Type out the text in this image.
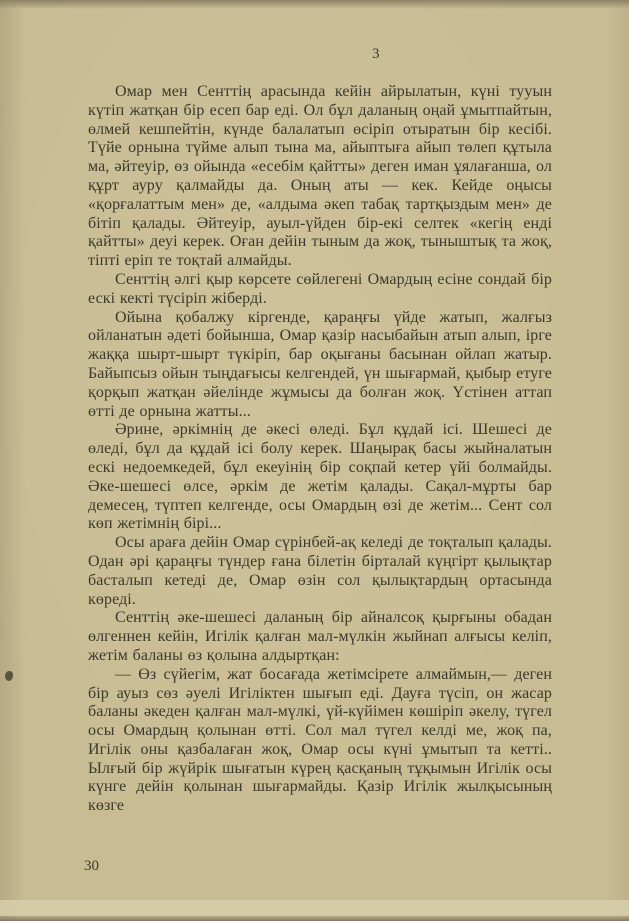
3

Омар мен Сенттің арасында кейін айрылатын, күні тууын күтіп жатқан бір есеп бар еді. Ол бұл даланың оңай ұмытпайтын, өлмей кешпейтін, күнде балалатып өсіріп отыратын бір кесібі. Түйе орнына түйме алып тына ма, айыптыға айып төлеп құтыла ма, әйтеуір, өз ойында «есебім қайтты» деген иман ұялағанша, ол құрт ауру қалмайды да. Оның аты — кек. Кейде оңысы «қорғалаттым мен» де, «алдыма әкеп табақ тартқыздым мен» де бітіп қалады. Әйтеуір, ауыл-үйден бір-екі селтек «кегің енді қайтты» деуі керек. Оған дейін тыным да жоқ, тыныштық та жоқ, тіпті еріп те тоқтай алмайды.

Сенттің әлгі қыр көрсете сөйлегені Омардың есіне сондай бір ескі кекті түсіріп жіберді.

Ойына қобалжу кіргенде, қараңғы үйде жатып, жалғыз ойланатын әдеті бойынша, Омар қазір насыбайын атып алып, ірге жаққа шырт-шырт түкіріп, бар оқығаны басынан ойлап жатыр. Байыпсыз ойын тыңдағысы келгендей, үн шығармай, қыбыр етуге қорқып жатқан әйелінде жұмысы да болған жоқ. Үстінен аттап өтті де орнына жатты...

Әрине, әркімнің де әкесі өледі. Бұл құдай ісі. Шешесі де өледі, бұл да құдай ісі болу керек. Шаңырақ басы жыйналатын ескі недоемкедей, бұл екеуінің бір соқпай кетер үйі болмайды. Әке-шешесі өлсе, әркім де жетім қалады. Сақал-мұрты бар демесең, түптеп келгенде, осы Омардың өзі де жетім... Сент сол көп жетімнің бірі...

Осы араға дейін Омар сүрінбей-ақ келеді де тоқталып қалады. Одан әрі қараңғы түндер ғана білетін бірталай күңгірт қылықтар басталып кетеді де, Омар өзін сол қылықтардың ортасында көреді.

Сенттің әке-шешесі даланың бір айналсоқ қырғыны обадан өлгеннен кейін, Игілік қалған мал-мүлкін жыйнап алғысы келіп, жетім баланы өз қолына алдыртқан:

— Өз сүйегім, жат босағада жетімсірете алмаймын,— деген бір ауыз сөз әуелі Игіліктен шығып еді. Дауға түсіп, он жасар баланы әкеден қалған мал-мүлкі, үй-күйімен көшіріп әкелу, түгел осы Омардың қолынан өтті. Сол мал түгел келді ме, жоқ па, Игілік оны қазбалаған жоқ, Омар осы күні ұмытып та кетті.. Ылғый бір жүйрік шығатын күрең қасқаның тұқымын Игілік осы күнге дейін қолынан шығармайды. Қазір Игілік жылқысының көзге

30
